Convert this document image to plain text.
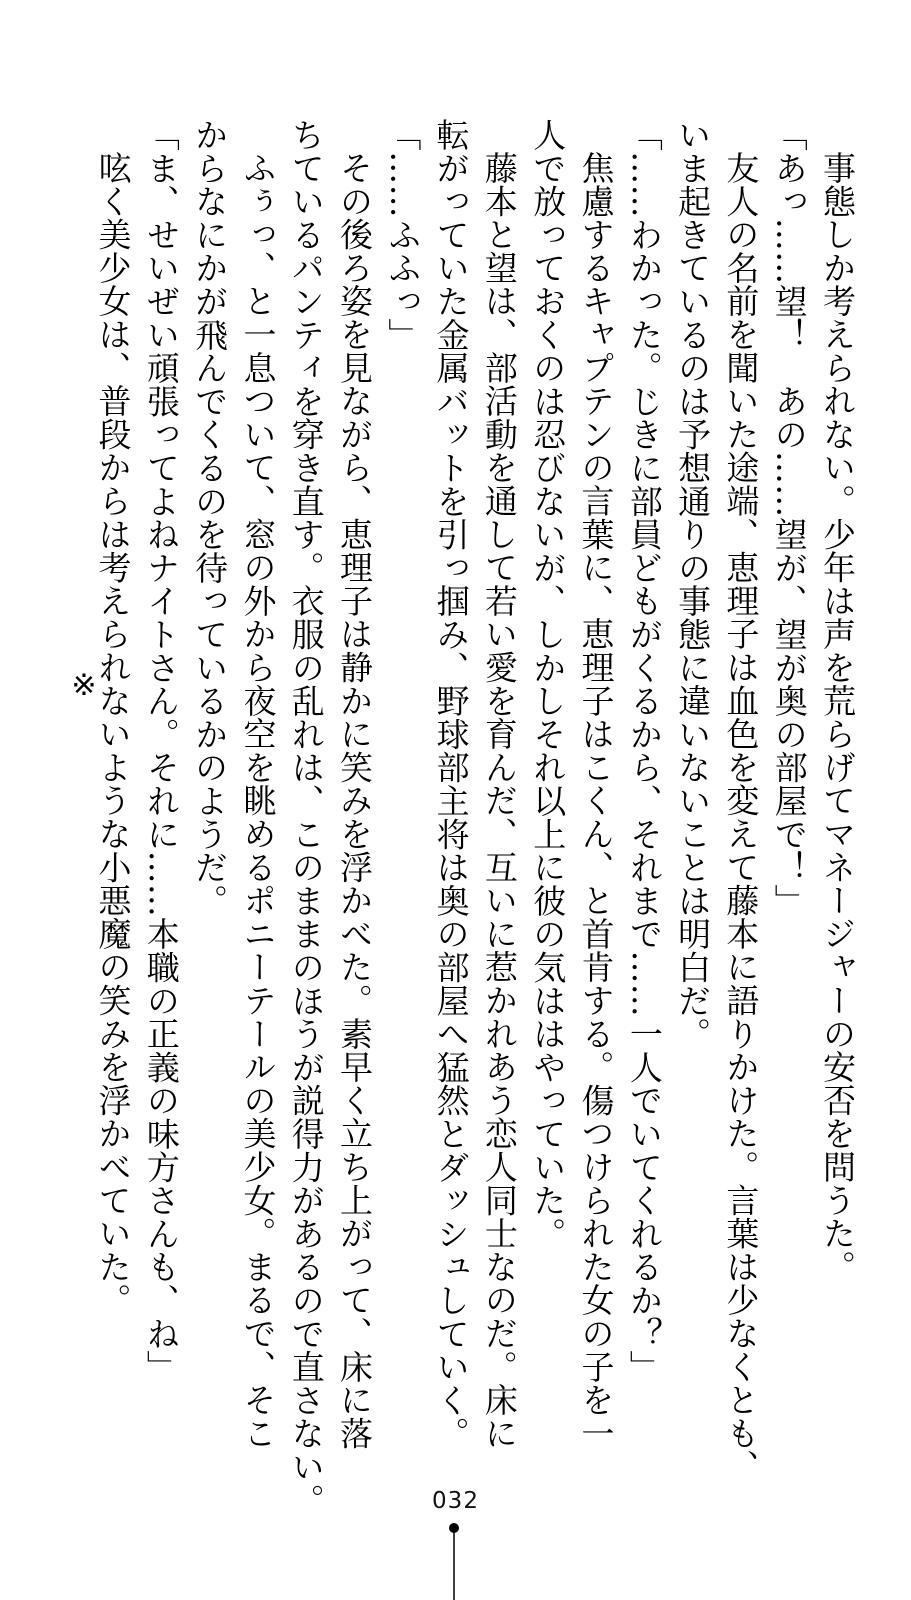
事態しか考えられない。少年は声を荒らげてマネージャーの安否を問うた。
「あっ……望！　あの……望が、望が奥の部屋で！」
友人の名前を聞いた途端、恵理子は血色を変えて藤本に語りかけた。言葉は少なくとも、
いま起きているのは予想通りの事態に違いないことは明白だ。
「……わかった。じきに部員どもがくるから、それまで……一人でいてくれるか？」
焦慮するキャプテンの言葉に、恵理子はこくん、と首肯する。傷つけられた女の子を一
人で放っておくのは忍びないが、しかしそれ以上に彼の気ははやっていた。
藤本と望は、部活動を通して若い愛を育んだ、互いに惹かれあう恋人同士なのだ。床に
転がっていた金属バットを引っ掴み、野球部主将は奥の部屋へ猛然とダッシュしていく。
「……ふふっ」
その後ろ姿を見ながら、恵理子は静かに笑みを浮かべた。素早く立ち上がって、床に落
ちているパンティを穿き直す。衣服の乱れは、このままのほうが説得力があるので直さない。
ふぅっ、と一息ついて、窓の外から夜空を眺めるポニーテールの美少女。まるで、そこ
からなにかが飛んでくるのを待っているかのようだ。
「ま、せいぜい頑張ってよねナイトさん。それに……本職の正義の味方さんも、ね」
呟く美少女は、普段からは考えられないような小悪魔の笑みを浮かべていた。
※
032
